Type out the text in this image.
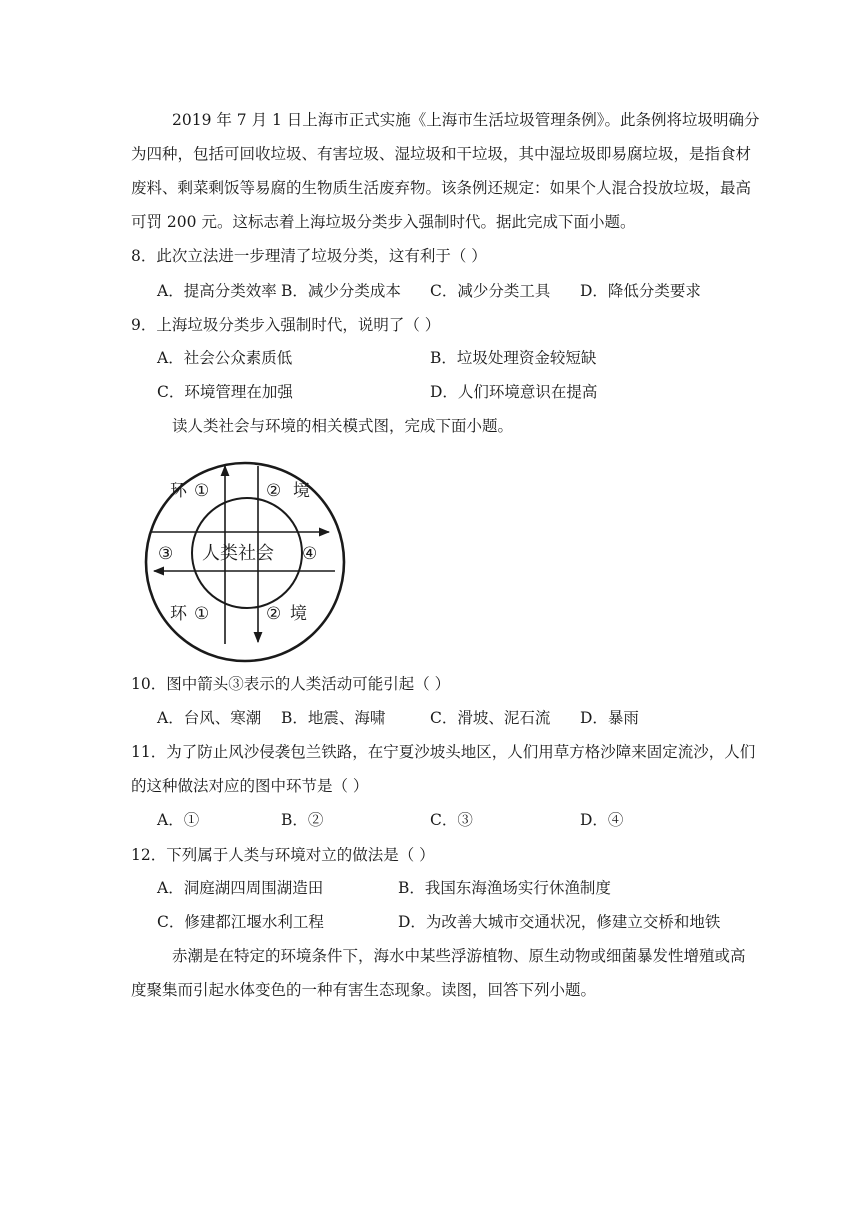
2019 年 7 月 1 日上海市正式实施《上海市生活垃圾管理条例》。此条例将垃圾明确分
为四种，包括可回收垃圾、有害垃圾、湿垃圾和干垃圾，其中湿垃圾即易腐垃圾，是指食材
废料、剩菜剩饭等易腐的生物质生活废弃物。该条例还规定：如果个人混合投放垃圾，最高
可罚 200 元。这标志着上海垃圾分类步入强制时代。据此完成下面小题。
8．此次立法进一步理清了垃圾分类，这有利于（ ）
A．提高分类效率 B．减少分类成本 C．减少分类工具 D．降低分类要求
9．上海垃圾分类步入强制时代，说明了（ ）
A．社会公众素质低	B．垃圾处理资金较短缺
C．环境管理在加强	D．人们环境意识在提高
读人类社会与环境的相关模式图，完成下面小题。
环 ①	② 境
③ 人类社会 ④
环 ①	② 境
10．图中箭头③表示的人类活动可能引起（ ）
A．台风、寒潮 B．地震、海啸	C．滑坡、泥石流 D．暴雨
11．为了防止风沙侵袭包兰铁路，在宁夏沙坡头地区，人们用草方格沙障来固定流沙，人们
的这种做法对应的图中环节是（ ）
A．①	B．②	C．③	D．④
12．下列属于人类与环境对立的做法是（ ）
A．洞庭湖四周围湖造田	B．我国东海渔场实行休渔制度
C．修建都江堰水利工程	D．为改善大城市交通状况，修建立交桥和地铁
赤潮是在特定的环境条件下，海水中某些浮游植物、原生动物或细菌暴发性增殖或高
度聚集而引起水体变色的一种有害生态现象。读图，回答下列小题。
